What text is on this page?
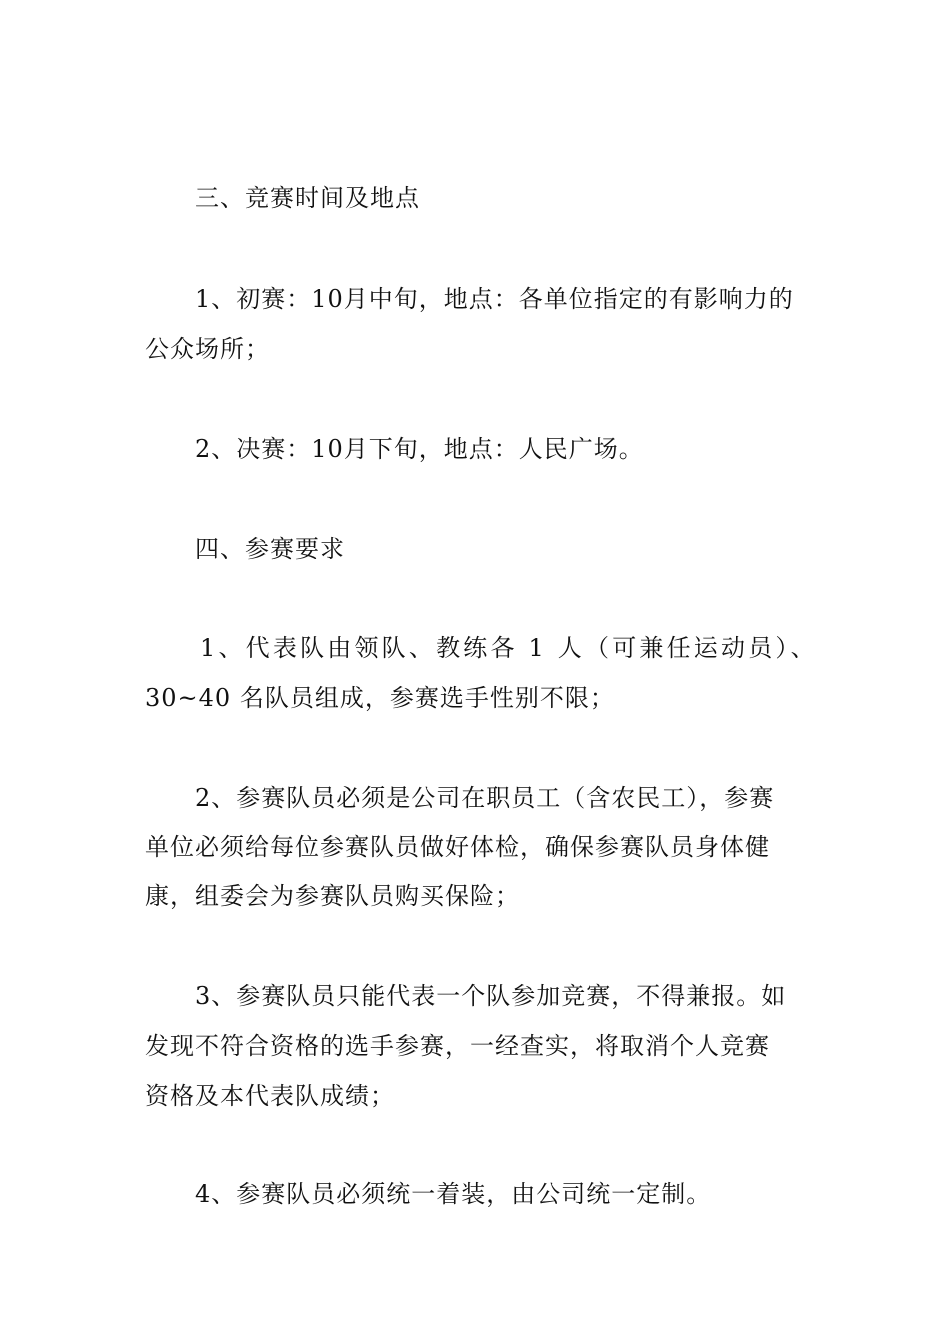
三、竞赛时间及地点
1、初赛：10月中旬，地点：各单位指定的有影响力的
公众场所；
2、决赛：10月下旬，地点：人民广场。
四、参赛要求
1、代表队由领队、教练各 1 人（可兼任运动员）、
30~40 名队员组成，参赛选手性别不限；
2、参赛队员必须是公司在职员工（含农民工），参赛
单位必须给每位参赛队员做好体检，确保参赛队员身体健
康，组委会为参赛队员购买保险；
3、参赛队员只能代表一个队参加竞赛，不得兼报。如
发现不符合资格的选手参赛，一经查实，将取消个人竞赛
资格及本代表队成绩；
4、参赛队员必须统一着装，由公司统一定制。
